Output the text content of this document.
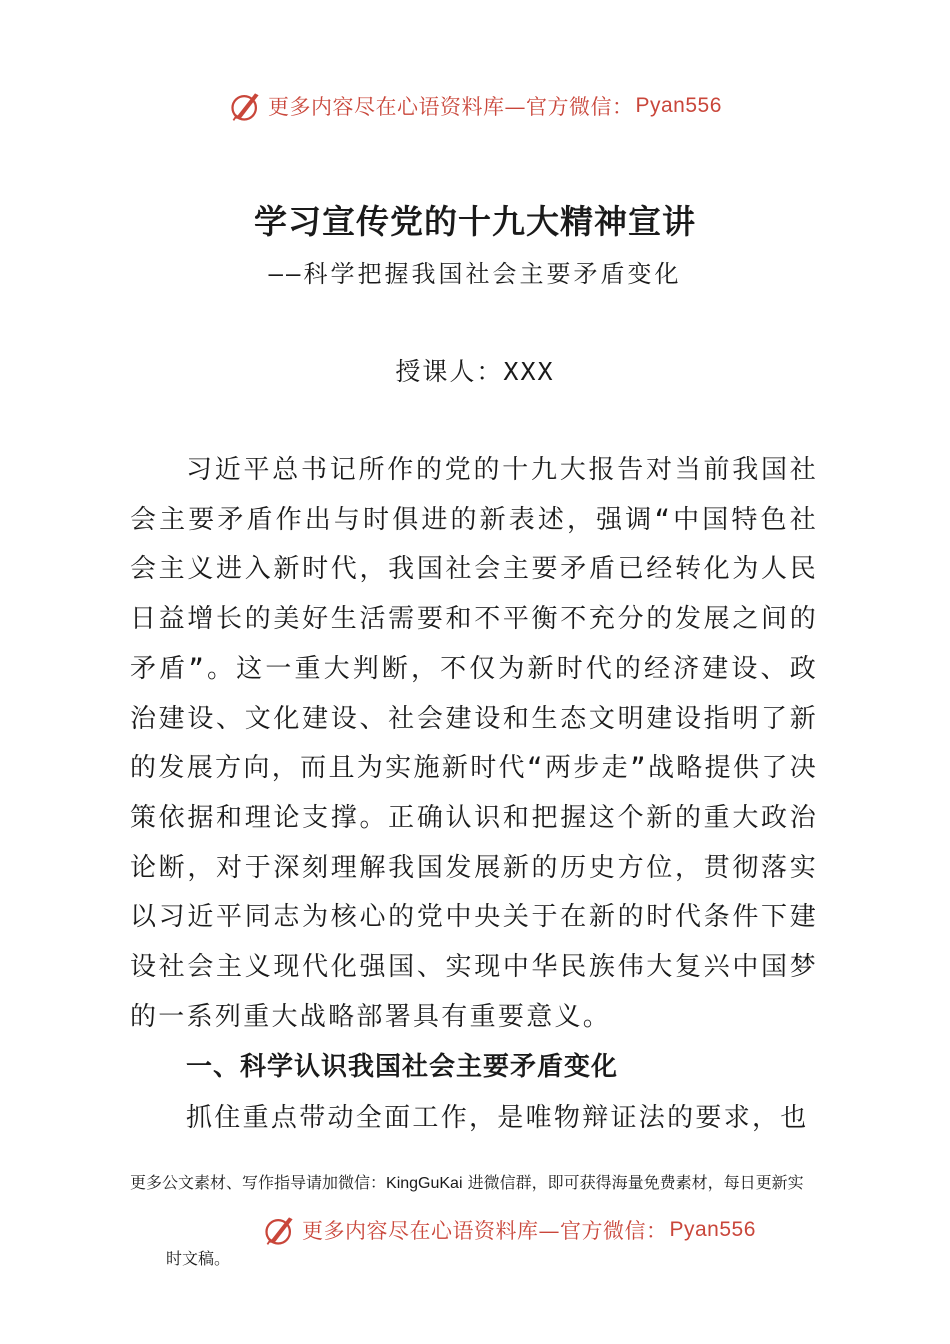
更多内容尽在心语资料库—官方微信： Pyan556
学习宣传党的十九大精神宣讲
——科学把握我国社会主要矛盾变化
授课人：XXX

习近平总书记所作的党的十九大报告对当前我国社会主要矛盾作出与时俱进的新表述，强调“中国特色社会主义进入新时代，我国社会主要矛盾已经转化为人民日益增长的美好生活需要和不平衡不充分的发展之间的矛盾”。这一重大判断，不仅为新时代的经济建设、政治建设、文化建设、社会建设和生态文明建设指明了新的发展方向，而且为实施新时代“两步走”战略提供了决策依据和理论支撑。正确认识和把握这个新的重大政治论断，对于深刻理解我国发展新的历史方位，贯彻落实以习近平同志为核心的党中央关于在新的时代条件下建设社会主义现代化强国、实现中华民族伟大复兴中国梦的一系列重大战略部署具有重要意义。

一、科学认识我国社会主要矛盾变化

抓住重点带动全面工作，是唯物辩证法的要求，也

更多公文素材、写作指导请加微信：KingGuKai 进微信群，即可获得海量免费素材，每日更新实
更多内容尽在心语资料库—官方微信： Pyan556
时文稿。
